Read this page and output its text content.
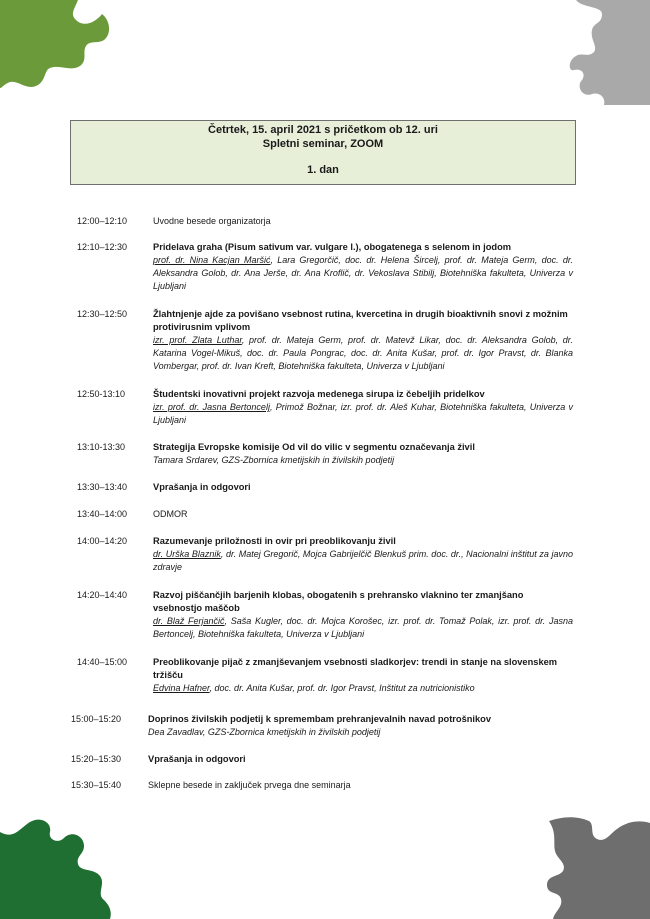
Četrtek, 15. april 2021 s pričetkom ob 12. uri
Spletni seminar, ZOOM
1. dan
12:00–12:10	Uvodne besede organizatorja
12:10–12:30	Pridelava graha (Pisum sativum var. vulgare l.), obogatenega s selenom in jodom
prof. dr. Nina Kacjan Maršić, Lara Gregorčič, doc. dr. Helena Šircelj, prof. dr. Mateja Germ, doc. dr. Aleksandra Golob, dr. Ana Jerše, dr. Ana Kroflič, dr. Vekoslava Stibilj, Biotehniška fakulteta, Univerza v Ljubljani
12:30–12:50	Žlahtnjenje ajde za povišano vsebnost rutina, kvercetina in drugih bioaktivnih snovi z možnim protivirusnim vplivom
izr. prof. Zlata Luthar, prof. dr. Mateja Germ, prof. dr. Matevž Likar, doc. dr. Aleksandra Golob, dr. Katarina Vogel-Mikuš, doc. dr. Paula Pongrac, doc. dr. Anita Kušar, prof. dr. Igor Pravst, dr. Blanka Vombergar, prof. dr. Ivan Kreft, Biotehniška fakulteta, Univerza v Ljubljani
12:50-13:10	Študentski inovativni projekt razvoja medenega sirupa iz čebeljih pridelkov
izr. prof. dr. Jasna Bertoncelj, Primož Božnar, izr. prof. dr. Aleš Kuhar, Biotehniška fakulteta, Univerza v Ljubljani
13:10-13:30	Strategija Evropske komisije Od vil do vilic v segmentu označevanja živil
Tamara Srdarev, GZS-Zbornica kmetijskih in živilskih podjetij
13:30–13:40	Vprašanja in odgovori
13:40–14:00	ODMOR
14:00–14:20	Razumevanje priložnosti in ovir pri preoblikovanju živil
dr. Urška Blaznik, dr. Matej Gregorič, Mojca Gabrijelčič Blenkuš prim. doc. dr., Nacionalni inštitut za javno zdravje
14:20–14:40	Razvoj piščančjih barjenih klobas, obogatenih s prehransko vlaknino ter zmanjšano vsebnostjo maščob
dr. Blaž Ferjančič, Saša Kugler, doc. dr. Mojca Korošec, izr. prof. dr. Tomaž Polak, izr. prof. dr. Jasna Bertoncelj, Biotehniška fakulteta, Univerza v Ljubljani
14:40–15:00	Preoblikovanje pijač z zmanjševanjem vsebnosti sladkorjev: trendi in stanje na slovenskem tržišču
Edvina Hafner, doc. dr. Anita Kušar, prof. dr. Igor Pravst, Inštitut za nutricionistiko
15:00–15:20	Doprinos živilskih podjetij k spremembam prehranjevalnih navad potrošnikov
Dea Zavadlav, GZS-Zbornica kmetijskih in živilskih podjetij
15:20–15:30	Vprašanja in odgovori
15:30–15:40	Sklepne besede in zaključek prvega dne seminarja
